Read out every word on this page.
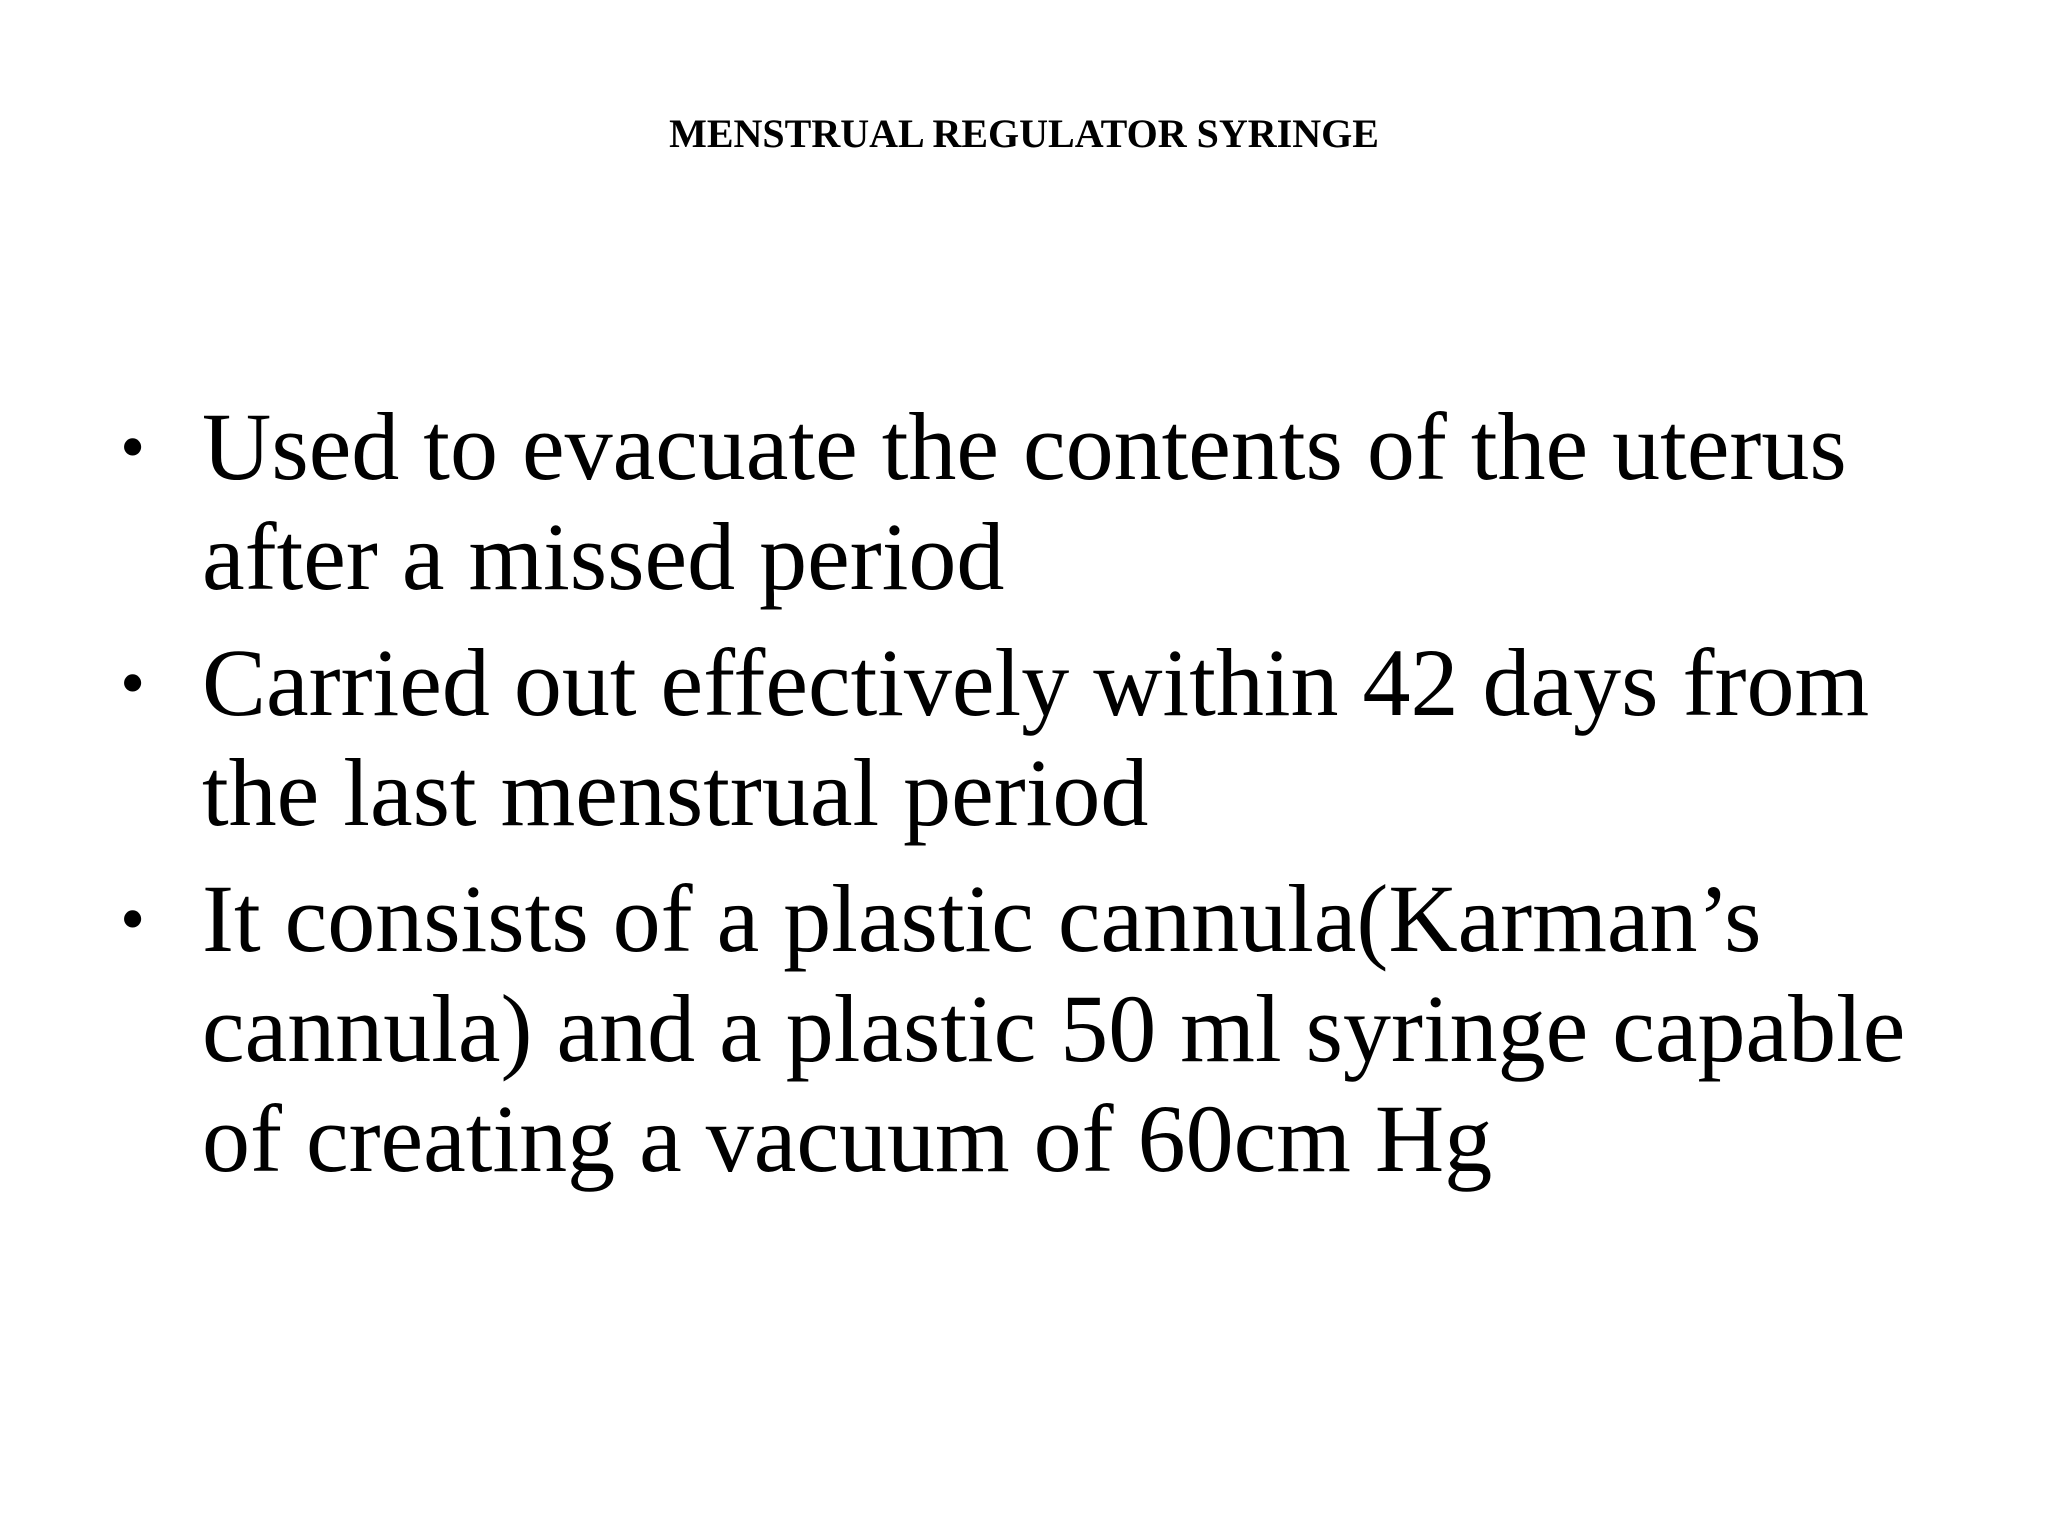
MENSTRUAL REGULATOR SYRINGE
• Used to evacuate the contents of the uterus after a missed period
• Carried out effectively within 42 days from the last menstrual period
• It consists of a plastic cannula(Karman’s cannula) and a plastic 50 ml syringe capable of creating a vacuum of 60cm Hg
